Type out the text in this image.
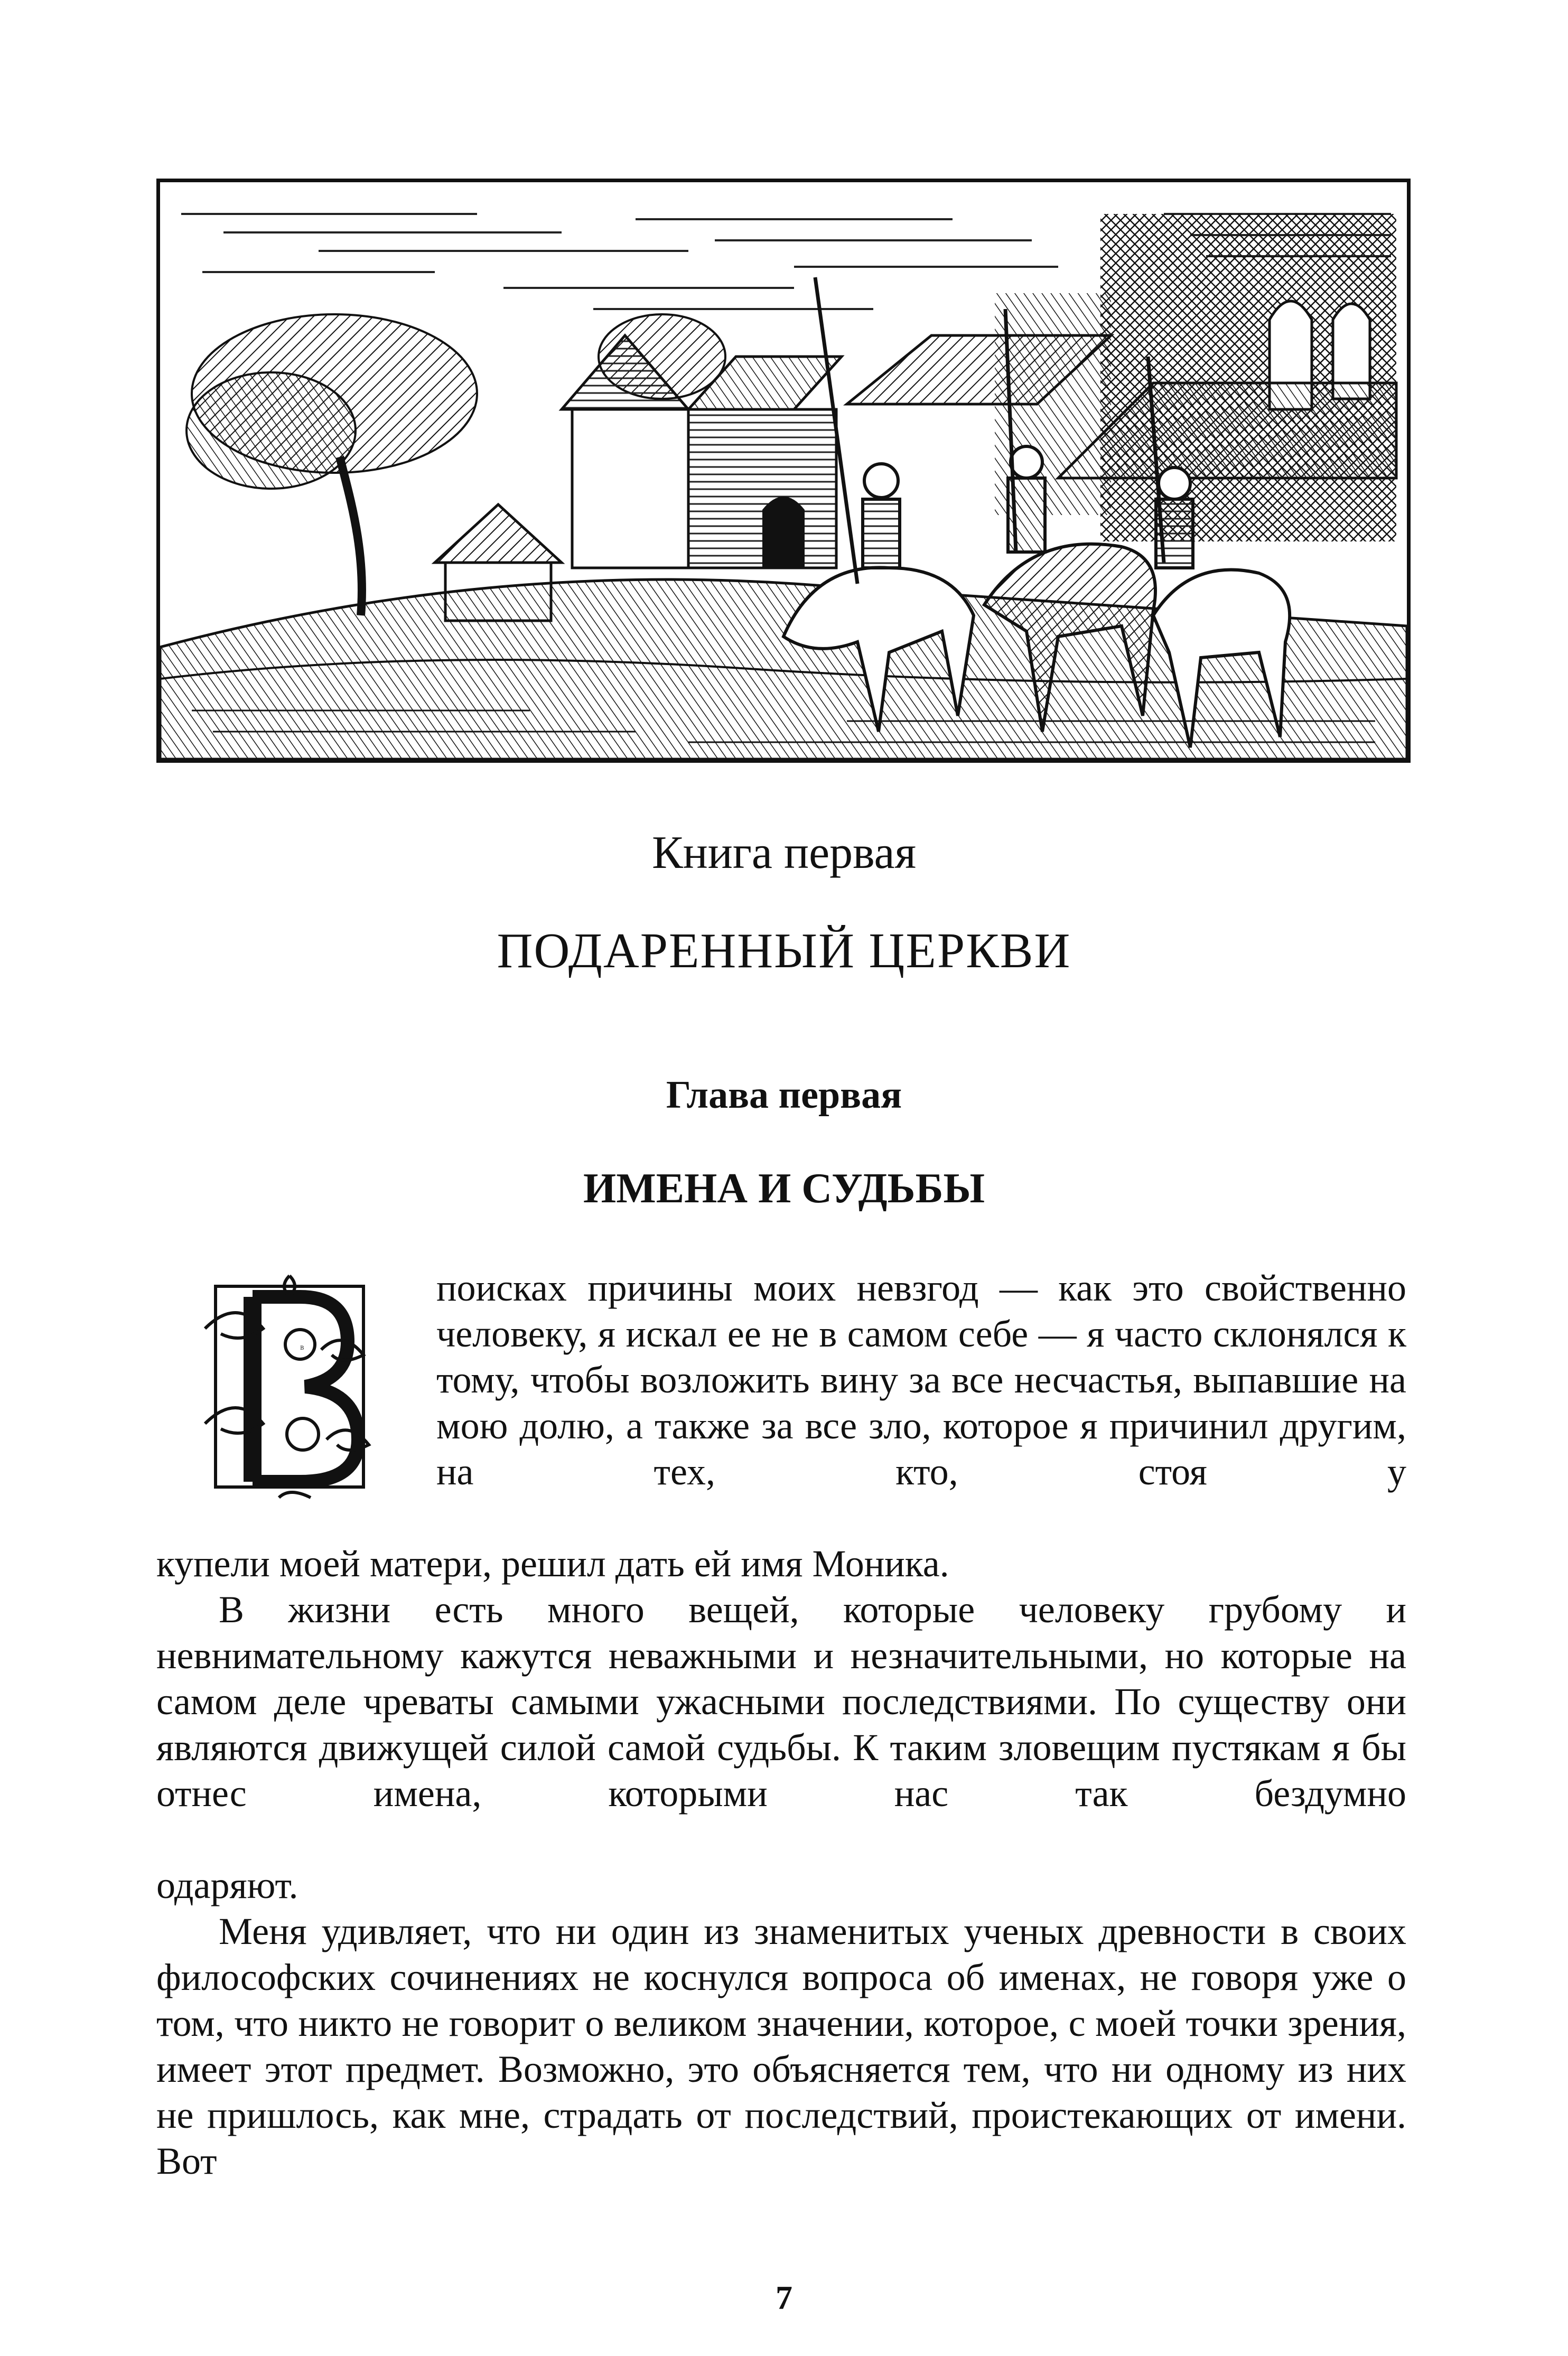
Книга первая
ПОДАРЕННЫЙ ЦЕРКВИ
Глава первая
ИМЕНА И СУДЬБЫ
В

поисках причины моих невзгод — как это свойственно человеку, я искал ее не в самом себе — я часто склонялся к тому, чтобы возложить вину за все несчастья, выпавшие на мою долю, а также за все зло, которое я причинил другим, на тех, кто, стоя у

купели моей матери, решил дать ей имя Моника.

В жизни есть много вещей, которые человеку грубому и невнимательному кажутся неважными и незначительными, но которые на самом деле чреваты самыми ужасными последствиями. По существу они являются движущей силой самой судьбы. К таким зловещим пустякам я бы отнес имена, которыми нас так бездумно

одаряют.

Меня удивляет, что ни один из знаменитых ученых древности в своих философских сочинениях не коснулся вопроса об именах, не говоря уже о том, что никто не говорит о великом значении, которое, с моей точки зрения, имеет этот предмет. Возможно, это объясняется тем, что ни одному из них не пришлось, как мне, страдать от последствий, проистекающих от имени. Вот

7
